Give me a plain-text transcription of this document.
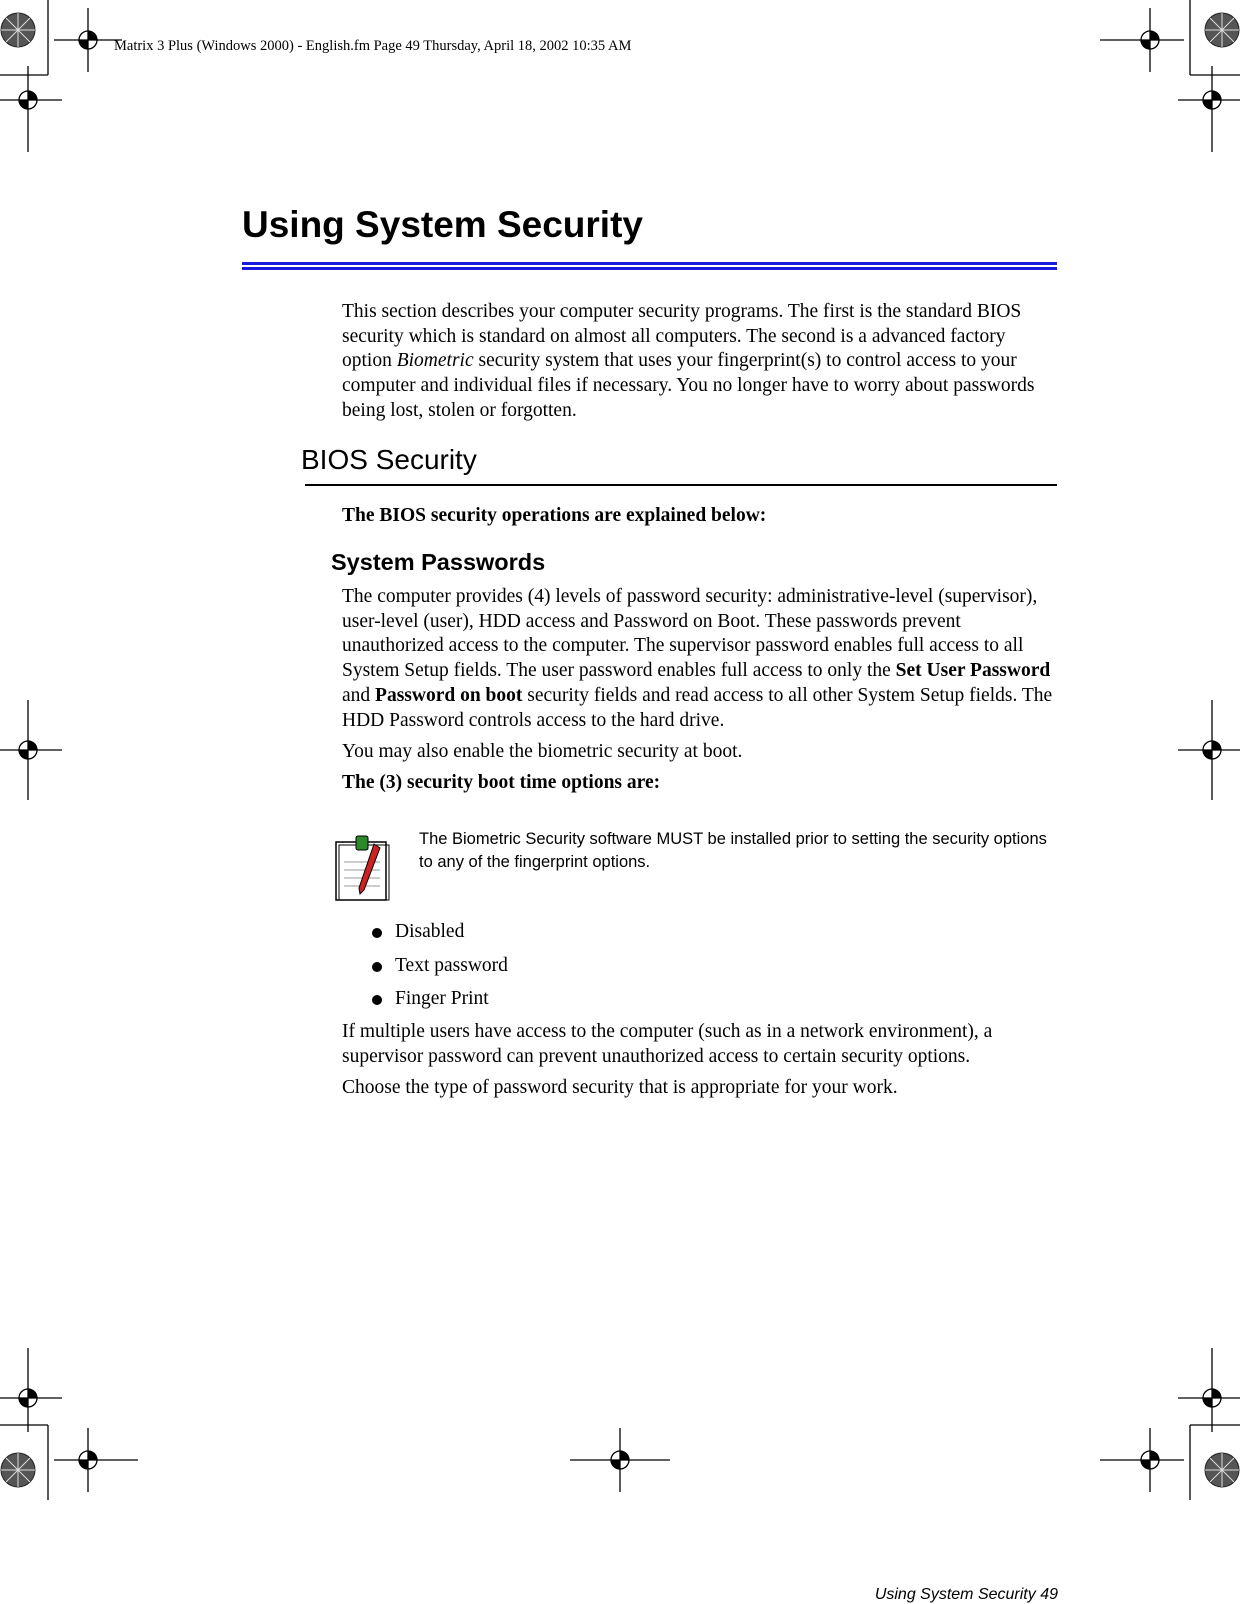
Matrix 3 Plus (Windows 2000) - English.fm Page 49 Thursday, April 18, 2002 10:35 AM
Using System Security

This section describes your computer security programs. The first is the standard BIOS security which is standard on almost all computers. The second is a advanced factory option Biometric security system that uses your fingerprint(s) to control access to your computer and individual files if necessary. You no longer have to worry about passwords being lost, stolen or forgotten.

BIOS Security
The BIOS security operations are explained below:
System Passwords

The computer provides (4) levels of password security: administrative-level (supervisor), user-level (user), HDD access and Password on Boot. These passwords prevent unauthorized access to the computer. The supervisor password enables full access to all System Setup fields. The user password enables full access to only the Set User Password and Password on boot security fields and read access to all other System Setup fields. The HDD Password controls access to the hard drive.

You may also enable the biometric security at boot.
The (3) security boot time options are:
The Biometric Security software MUST be installed prior to setting the security options to any of the fingerprint options.
Disabled
Text password
Finger Print

If multiple users have access to the computer (such as in a network environment), a supervisor password can prevent unauthorized access to certain security options.

Choose the type of password security that is appropriate for your work.
Using System Security 49
